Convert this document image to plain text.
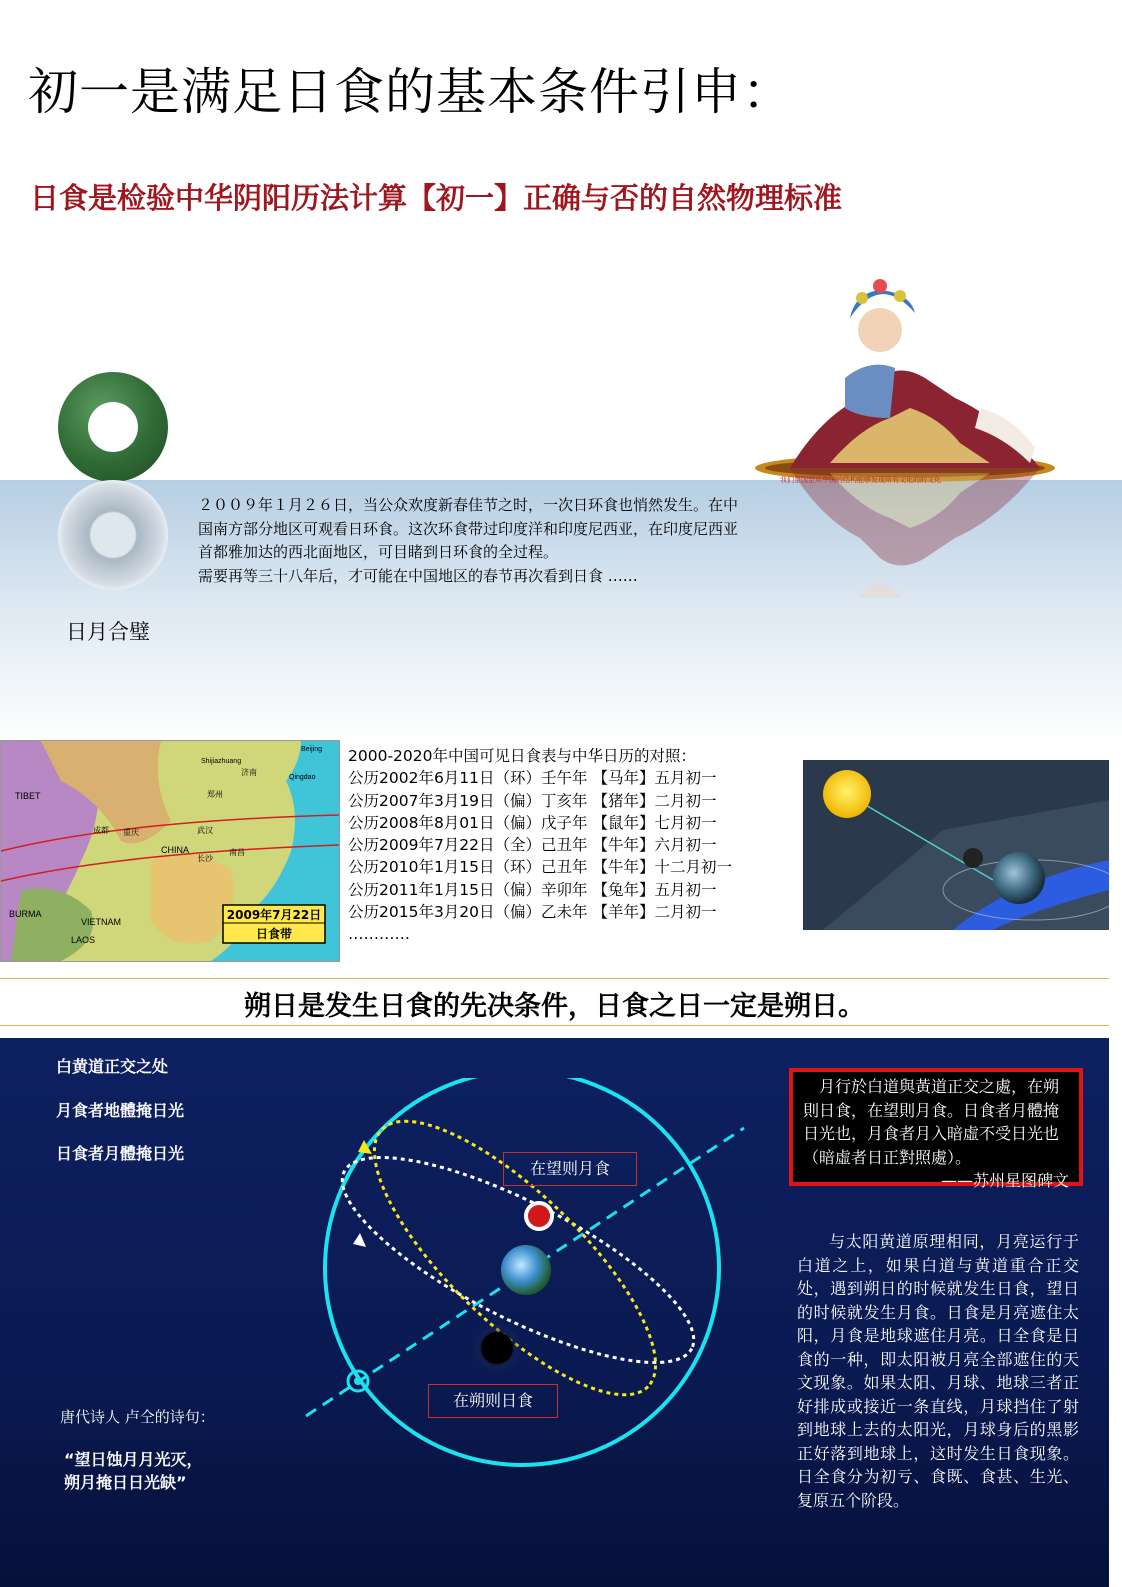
初一是满足日食的基本条件引申：
日食是检验中华阴阳历法计算【初一】正确与否的自然物理标准
日月合璧

２００９年１月２６日，当公众欢度新春佳节之时，一次日环食也悄然发生。在中国南方部分地区可观看日环食。这次环食带过印度洋和印度尼西亚，在印度尼西亚首都雅加达的西北面地区，可目睹到日环食的全过程。

需要再等三十八年后，才可能在中国地区的春节再次看到日食 ……

我们是国是从中国的结构能够发现所有文化的的文化
TIBET
CHINA
BURMA
VIETNAM
LAOS
Shijiazhuang
Beijing
Qingdao
武汉
成都 重庆
长沙
南昌
济南
郑州
2009年7月22日
日食带
2000-2020年中国可见日食表与中华日历的对照：
公历2002年6月11日（环）壬午年 【马年】五月初一
公历2007年3月19日（偏）丁亥年 【猪年】二月初一
公历2008年8月01日（偏）戊子年 【鼠年】七月初一
公历2009年7月22日（全）己丑年 【牛年】六月初一
公历2010年1月15日（环）己丑年 【牛年】十二月初一
公历2011年1月15日（偏）辛卯年 【兔年】五月初一
公历2015年3月20日（偏）乙未年 【羊年】二月初一
…………
朔日是发生日食的先决条件，日食之日一定是朔日。
白黄道正交之处
月食者地體掩日光
日食者月體掩日光
在望则月食
在朔则日食
月行於白道與黃道正交之處，在朔則日食，在望則月食。日食者月體掩日光也，月食者月入暗虛不受日光也（暗虛者日正對照處）。
——苏州星图碑文
与太阳黄道原理相同，月亮运行于白道之上，如果白道与黄道重合正交处，遇到朔日的时候就发生日食，望日的时候就发生月食。日食是月亮遮住太阳，月食是地球遮住月亮。日全食是日食的一种，即太阳被月亮全部遮住的天文现象。如果太阳、月球、地球三者正好排成或接近一条直线，月球挡住了射到地球上去的太阳光，月球身后的黑影正好落到地球上，这时发生日食现象。日全食分为初亏、食既、食甚、生光、复原五个阶段。
唐代诗人 卢仝的诗句：
“望日蚀月月光灭，
朔月掩日日光缺”
